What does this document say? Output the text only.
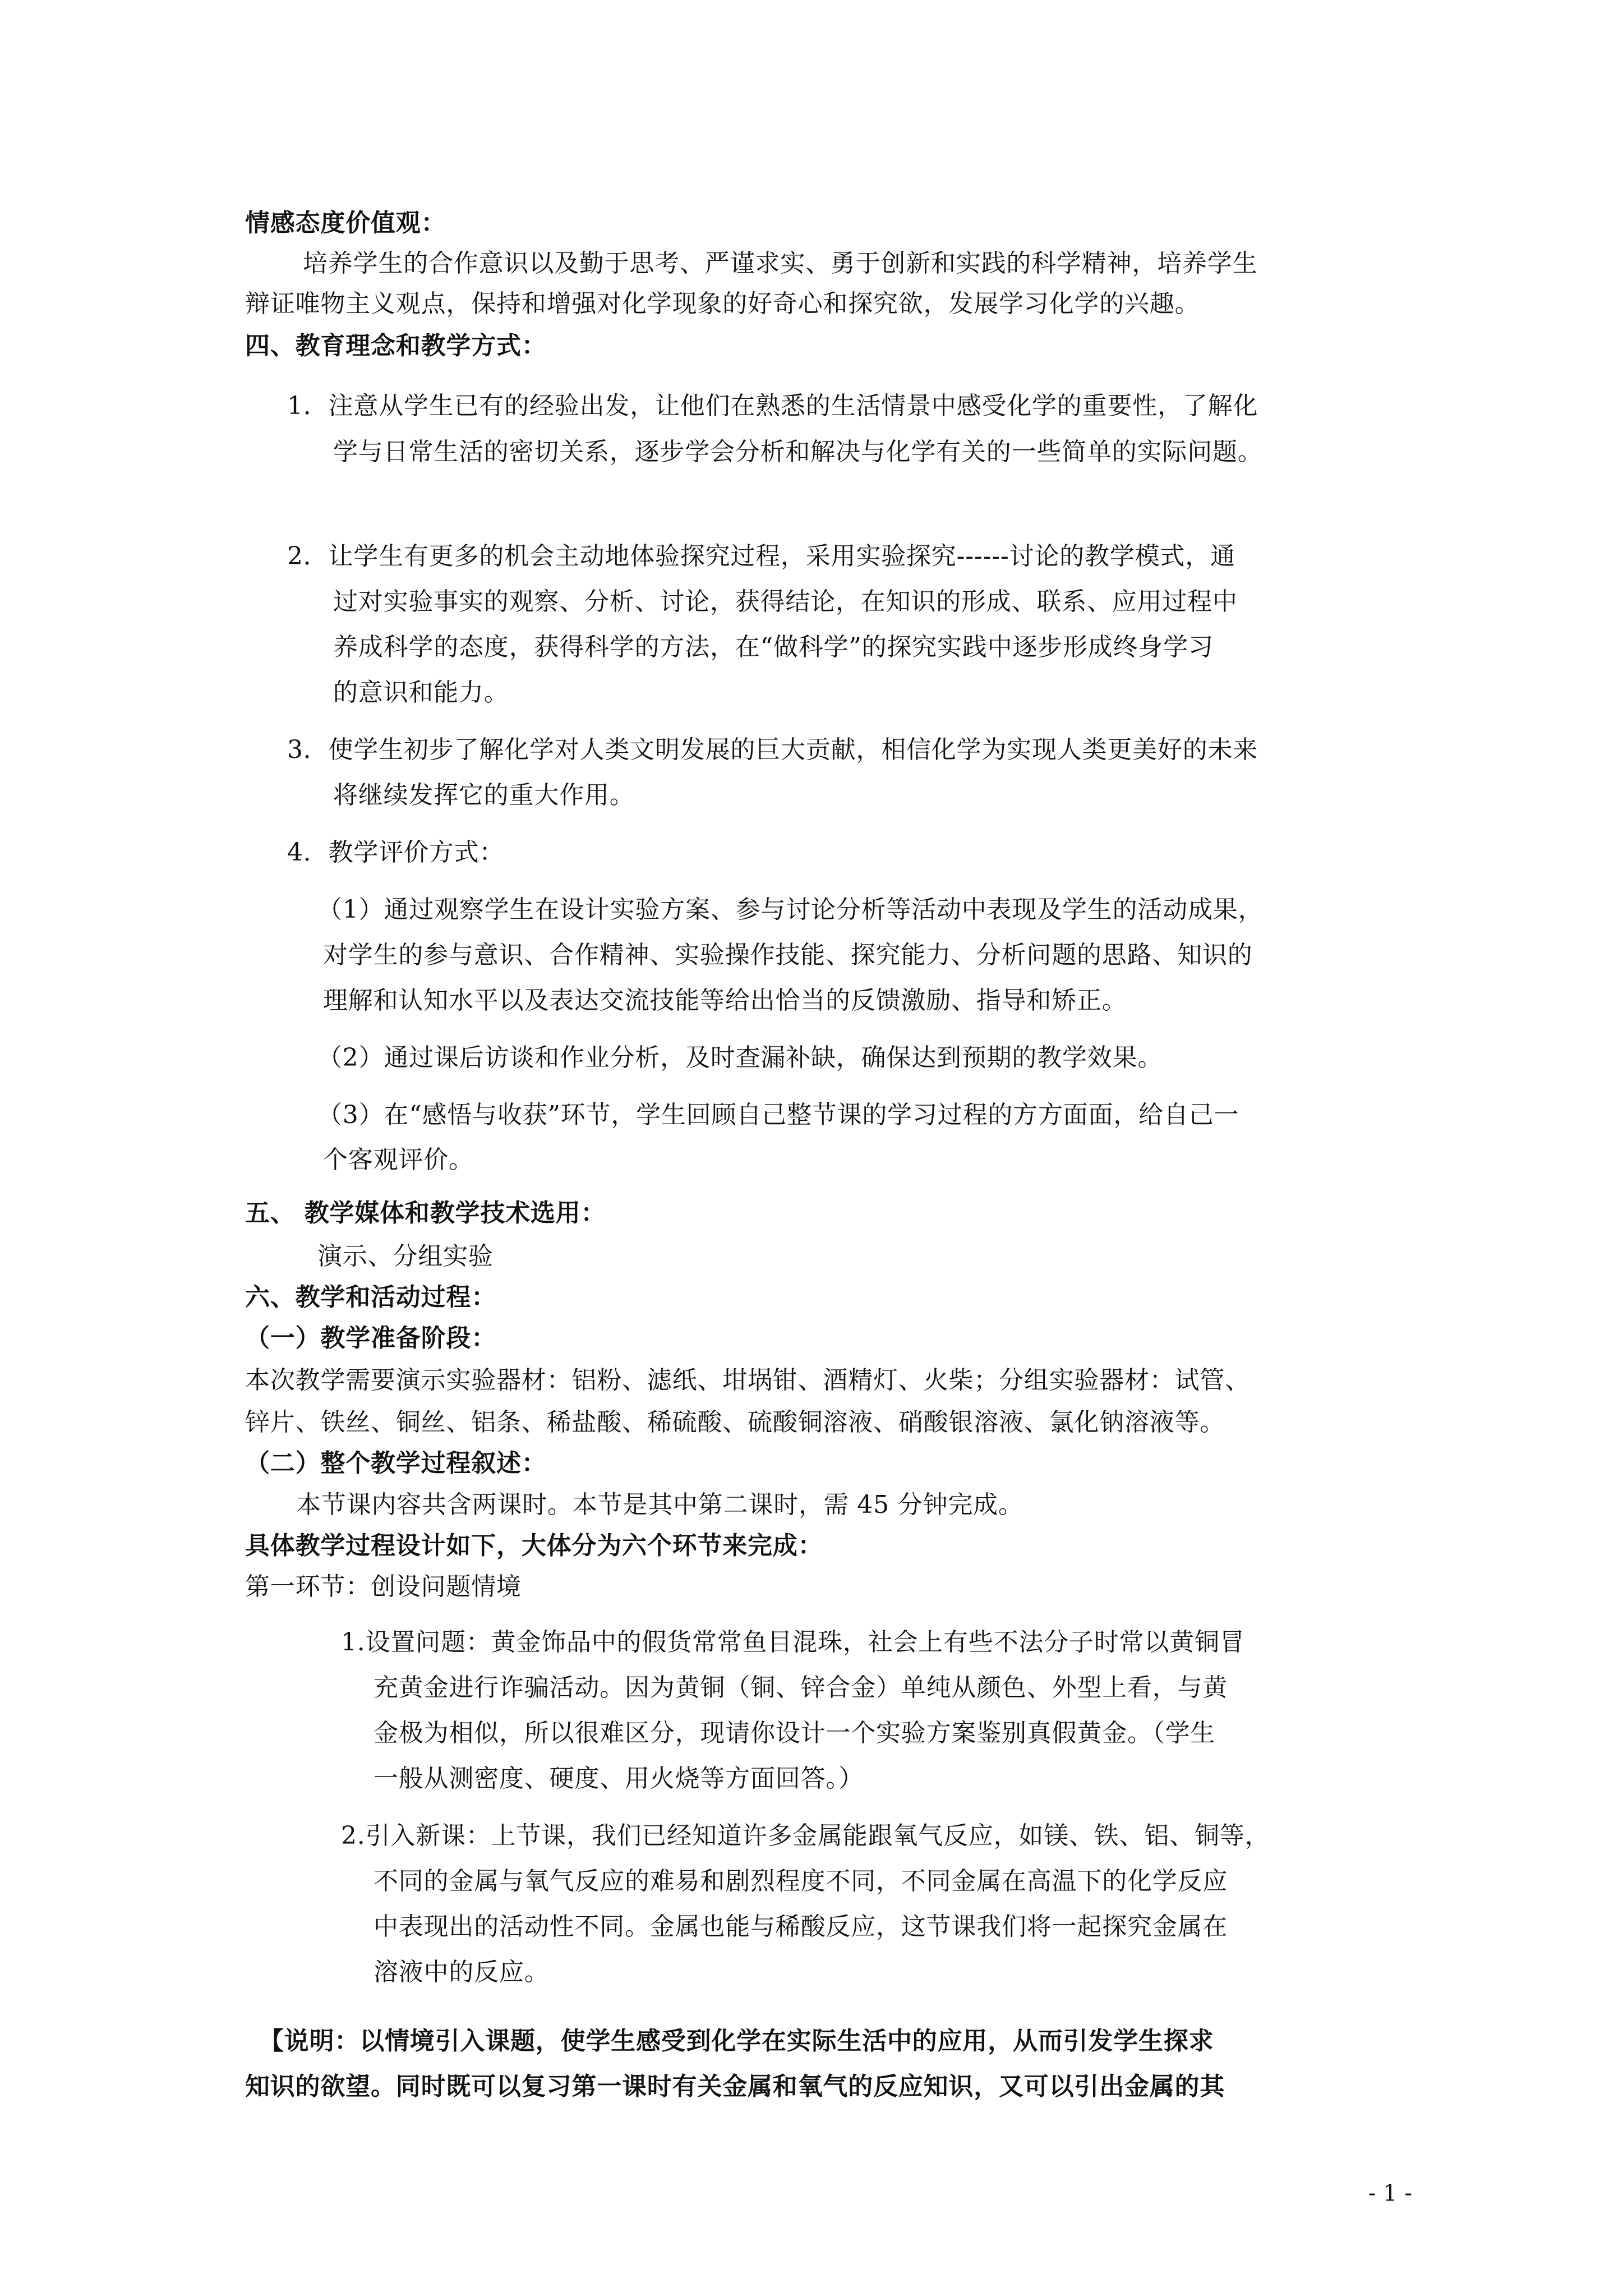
情感态度价值观：
培养学生的合作意识以及勤于思考、严谨求实、勇于创新和实践的科学精神，培养学生
辩证唯物主义观点，保持和增强对化学现象的好奇心和探究欲，发展学习化学的兴趣。
四、教育理念和教学方式：
1．注意从学生已有的经验出发，让他们在熟悉的生活情景中感受化学的重要性，了解化
学与日常生活的密切关系，逐步学会分析和解决与化学有关的一些简单的实际问题。
2．让学生有更多的机会主动地体验探究过程，采用实验探究------讨论的教学模式，通
过对实验事实的观察、分析、讨论，获得结论，在知识的形成、联系、应用过程中
养成科学的态度，获得科学的方法，在“做科学”的探究实践中逐步形成终身学习
的意识和能力。
3．使学生初步了解化学对人类文明发展的巨大贡献，相信化学为实现人类更美好的未来
将继续发挥它的重大作用。
4．教学评价方式：
（1）通过观察学生在设计实验方案、参与讨论分析等活动中表现及学生的活动成果，
对学生的参与意识、合作精神、实验操作技能、探究能力、分析问题的思路、知识的
理解和认知水平以及表达交流技能等给出恰当的反馈激励、指导和矫正。
（2）通过课后访谈和作业分析，及时查漏补缺，确保达到预期的教学效果。
（3）在“感悟与收获”环节，学生回顾自己整节课的学习过程的方方面面，给自己一
个客观评价。
五、 教学媒体和教学技术选用：
演示、分组实验
六、教学和活动过程：
（一）教学准备阶段：
本次教学需要演示实验器材：铝粉、滤纸、坩埚钳、酒精灯、火柴；分组实验器材：试管、
锌片、铁丝、铜丝、铝条、稀盐酸、稀硫酸、硫酸铜溶液、硝酸银溶液、氯化钠溶液等。
（二）整个教学过程叙述：
本节课内容共含两课时。本节是其中第二课时，需 45 分钟完成。
具体教学过程设计如下，大体分为六个环节来完成：
第一环节：创设问题情境
1.设置问题：黄金饰品中的假货常常鱼目混珠，社会上有些不法分子时常以黄铜冒
充黄金进行诈骗活动。因为黄铜（铜、锌合金）单纯从颜色、外型上看，与黄
金极为相似，所以很难区分，现请你设计一个实验方案鉴别真假黄金。（学生
一般从测密度、硬度、用火烧等方面回答。）
2.引入新课：上节课，我们已经知道许多金属能跟氧气反应，如镁、铁、铝、铜等，
不同的金属与氧气反应的难易和剧烈程度不同，不同金属在高温下的化学反应
中表现出的活动性不同。金属也能与稀酸反应，这节课我们将一起探究金属在
溶液中的反应。
【说明：以情境引入课题，使学生感受到化学在实际生活中的应用，从而引发学生探求
知识的欲望。同时既可以复习第一课时有关金属和氧气的反应知识，又可以引出金属的其
- 1 -
